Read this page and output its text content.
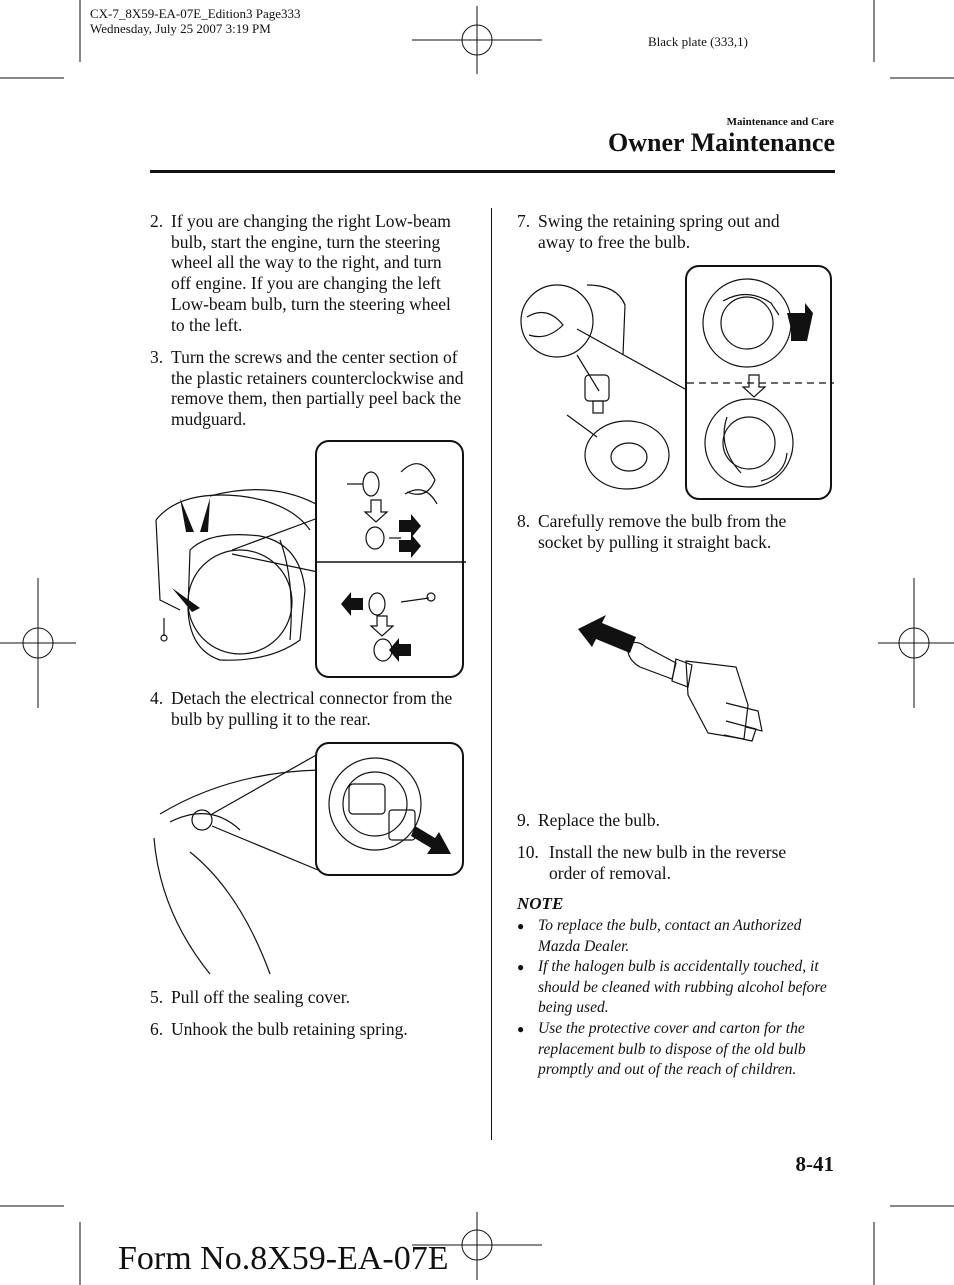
CX-7_8X59-EA-07E_Edition3 Page333
Wednesday, July 25 2007 3:19 PM
Black plate (333,1)
Maintenance and Care
Owner Maintenance
2. If you are changing the right Low-beam bulb, start the engine, turn the steering wheel all the way to the right, and turn off engine. If you are changing the left Low-beam bulb, turn the steering wheel to the left.
3. Turn the screws and the center section of the plastic retainers counterclockwise and remove them, then partially peel back the mudguard.
4. Detach the electrical connector from the bulb by pulling it to the rear.
5. Pull off the sealing cover.
6. Unhook the bulb retaining spring.
7. Swing the retaining spring out and away to free the bulb.
8. Carefully remove the bulb from the socket by pulling it straight back.
9. Replace the bulb.
10. Install the new bulb in the reverse order of removal.
NOTE
● To replace the bulb, contact an Authorized Mazda Dealer.
● If the halogen bulb is accidentally touched, it should be cleaned with rubbing alcohol before being used.
● Use the protective cover and carton for the replacement bulb to dispose of the old bulb promptly and out of the reach of children.
8-41
Form No.8X59-EA-07E
